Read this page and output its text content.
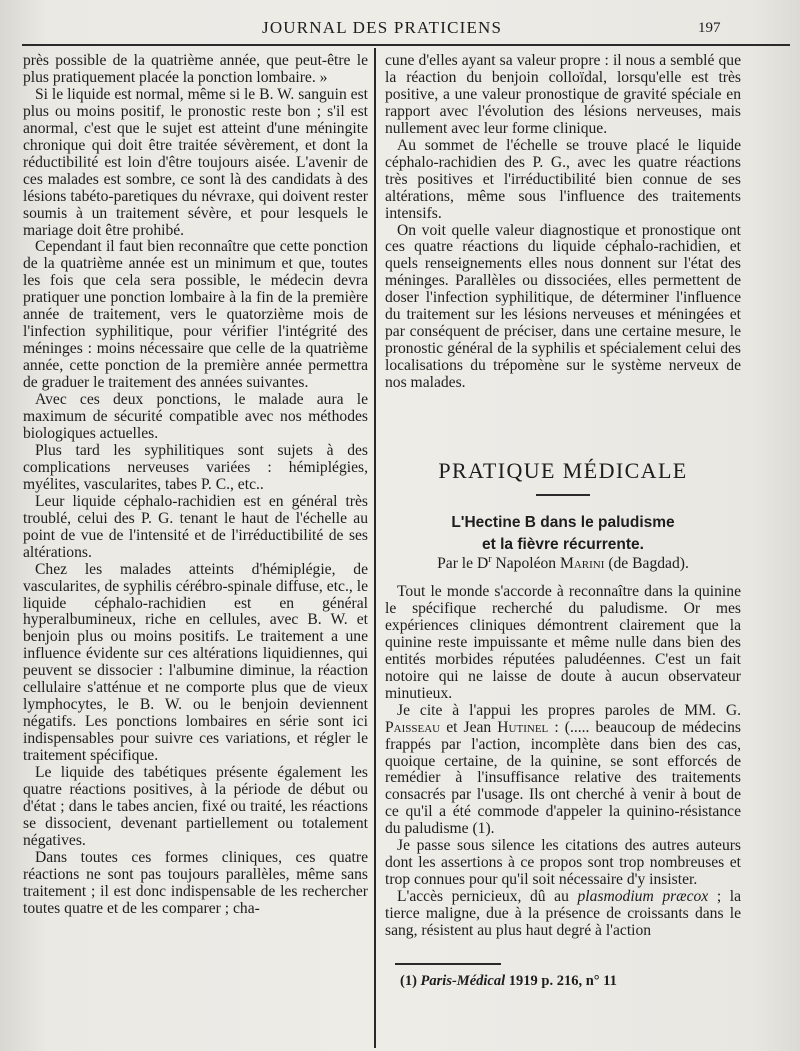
JOURNAL DES PRATICIENS	197

près possible de la quatrième année, que peut-être le plus pratiquement placée la ponction lombaire. »

Si le liquide est normal, même si le B. W. sanguin est plus ou moins positif, le pronostic reste bon ; s'il est anormal, c'est que le sujet est atteint d'une méningite chronique qui doit être traitée sévèrement, et dont la réductibilité est loin d'être toujours aisée. L'avenir de ces malades est sombre, ce sont là des candidats à des lésions tabéto-paretiques du névraxe, qui doivent rester soumis à un traitement sévère, et pour lesquels le mariage doit être prohibé.

Cependant il faut bien reconnaître que cette ponction de la quatrième année est un minimum et que, toutes les fois que cela sera possible, le médecin devra pratiquer une ponction lombaire à la fin de la première année de traitement, vers le quatorzième mois de l'infection syphilitique, pour vérifier l'intégrité des méninges : moins nécessaire que celle de la quatrième année, cette ponction de la première année permettra de graduer le traitement des années suivantes.

Avec ces deux ponctions, le malade aura le maximum de sécurité compatible avec nos méthodes biologiques actuelles.

Plus tard les syphilitiques sont sujets à des complications nerveuses variées : hémiplégies, myélites, vascularites, tabes P. C., etc..

Leur liquide céphalo-rachidien est en général très troublé, celui des P. G. tenant le haut de l'échelle au point de vue de l'intensité et de l'irréductibilité de ses altérations.

Chez les malades atteints d'hémiplégie, de vascularites, de syphilis cérébro-spinale diffuse, etc., le liquide céphalo-rachidien est en général hyperalbumineux, riche en cellules, avec B. W. et benjoin plus ou moins positifs. Le traitement a une influence évidente sur ces altérations liquidiennes, qui peuvent se dissocier : l'albumine diminue, la réaction cellulaire s'atténue et ne comporte plus que de vieux lymphocytes, le B. W. ou le benjoin deviennent négatifs. Les ponctions lombaires en série sont ici indispensables pour suivre ces variations, et régler le traitement spécifique.

Le liquide des tabétiques présente également les quatre réactions positives, à la période de début ou d'état ; dans le tabes ancien, fixé ou traité, les réactions se dissocient, devenant partiellement ou totalement négatives.

Dans toutes ces formes cliniques, ces quatre réactions ne sont pas toujours parallèles, même sans traitement ; il est donc indispensable de les rechercher toutes quatre et de les comparer ; cha-

cune d'elles ayant sa valeur propre : il nous a semblé que la réaction du benjoin colloïdal, lorsqu'elle est très positive, a une valeur pronostique de gravité spéciale en rapport avec l'évolution des lésions nerveuses, mais nullement avec leur forme clinique.

Au sommet de l'échelle se trouve placé le liquide céphalo-rachidien des P. G., avec les quatre réactions très positives et l'irréductibilité bien connue de ses altérations, même sous l'influence des traitements intensifs.

On voit quelle valeur diagnostique et pronostique ont ces quatre réactions du liquide céphalo-rachidien, et quels renseignements elles nous donnent sur l'état des méninges. Parallèles ou dissociées, elles permettent de doser l'infection syphilitique, de déterminer l'influence du traitement sur les lésions nerveuses et méningées et par conséquent de préciser, dans une certaine mesure, le pronostic général de la syphilis et spécialement celui des localisations du trépomène sur le système nerveux de nos malades.

PRATIQUE MÉDICALE
L'Hectine B dans le paludisme
et la fièvre récurrente.
Par le $D^r$ Napoléon Marini (de Bagdad).

Tout le monde s'accorde à reconnaître dans la quinine le spécifique recherché du paludisme. Or mes expériences cliniques démontrent clairement que la quinine reste impuissante et même nulle dans bien des entités morbides réputées paludéennes. C'est un fait notoire qui ne laisse de doute à aucun observateur minutieux.

Je cite à l'appui les propres paroles de MM. G. Paisseau et Jean Hutinel : (..... beaucoup de médecins frappés par l'action, incomplète dans bien des cas, quoique certaine, de la quinine, se sont efforcés de remédier à l'insuffisance relative des traitements consacrés par l'usage. Ils ont cherché à venir à bout de ce qu'il a été commode d'appeler la quinino-résistance du paludisme (1).

Je passe sous silence les citations des autres auteurs dont les assertions à ce propos sont trop nombreuses et trop connues pour qu'il soit nécessaire d'y insister.

L'accès pernicieux, dû au plasmodium præcox ; la tierce maligne, due à la présence de croissants dans le sang, résistent au plus haut degré à l'action

(1) Paris-Médical 1919 p. 216, n° 11
